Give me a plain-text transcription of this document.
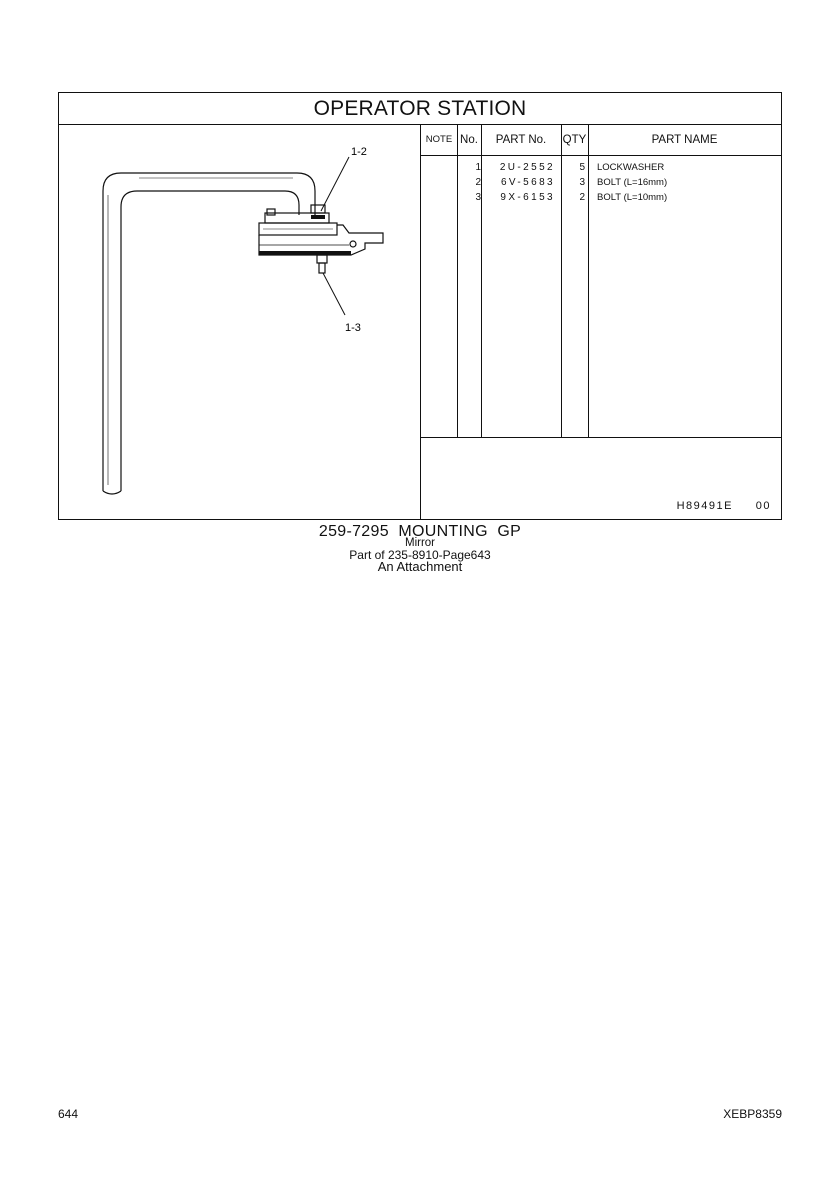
OPERATOR STATION
1-2
1-3
NOTE No.	PART No.	QTY	PART NAME
1	2U-2552	5 LOCKWASHER
2	6V-5683	3 BOLT (L=16mm)
3	9X-6153	2 BOLT (L=10mm)
H89491E     00
259-7295  MOUNTING  GP
Mirror
Part of 235-8910-Page643
An Attachment
644	XEBP8359
